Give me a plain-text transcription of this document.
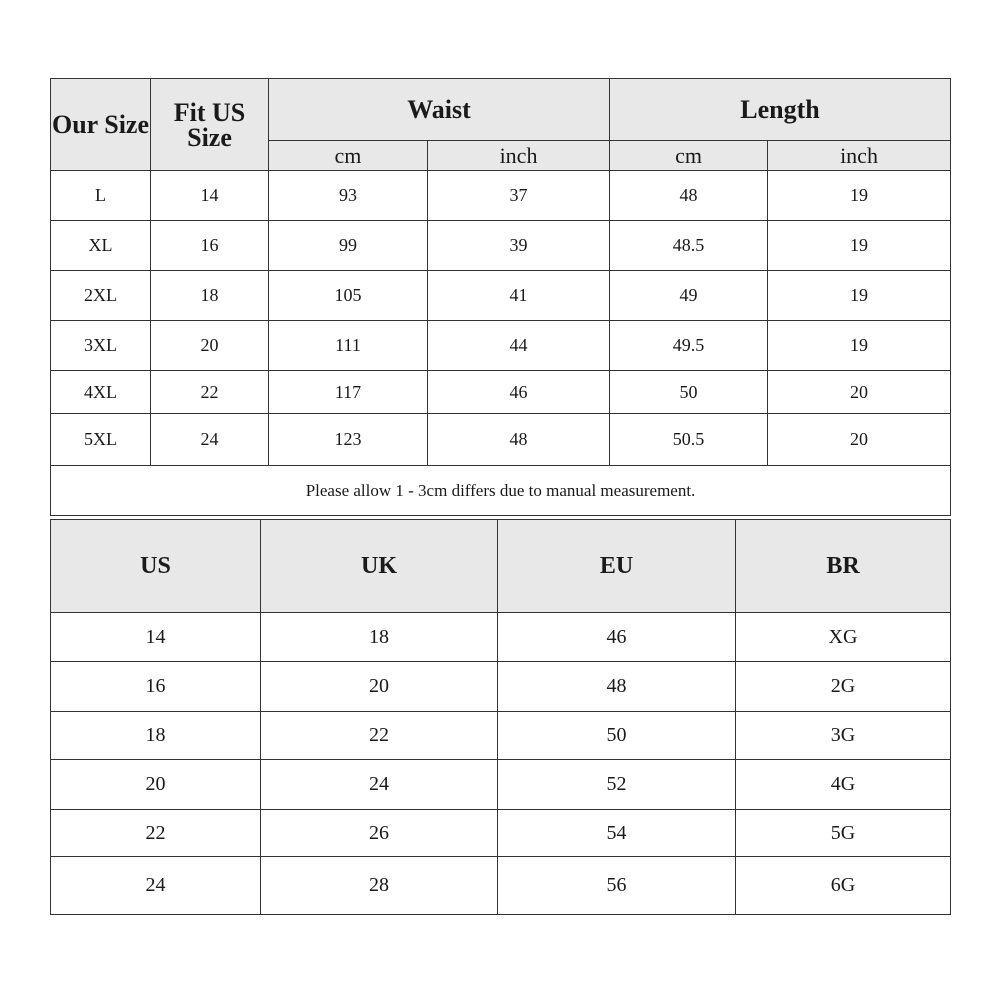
Our Size	Fit US Size	Waist		Length	
		cm	inch	cm	inch
L	14	93	37	48	19
XL	16	99	39	48.5	19
2XL	18	105	41	49	19
3XL	20	111	44	49.5	19
4XL	22	117	46	50	20
5XL	24	123	48	50.5	20
Please allow 1 - 3cm differs due to manual measurement.					
US	UK	EU	BR
14	18	46	XG
16	20	48	2G
18	22	50	3G
20	24	52	4G
22	26	54	5G
24	28	56	6G
